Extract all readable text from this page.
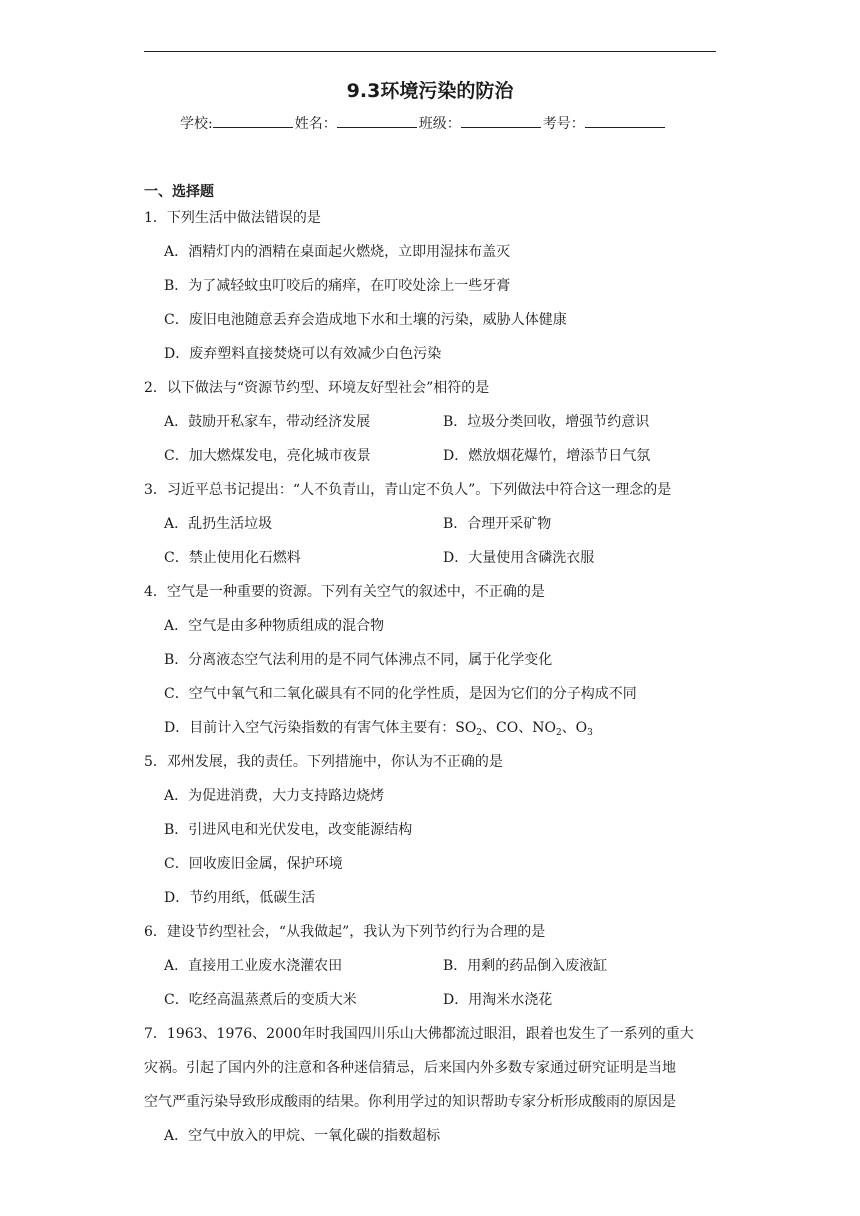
9.3环境污染的防治
学校:	姓名：	班级：	考号：
一、选择题
1．下列生活中做法错误的是
A．酒精灯内的酒精在桌面起火燃烧，立即用湿抹布盖灭
B．为了减轻蚊虫叮咬后的痛痒，在叮咬处涂上一些牙膏
C．废旧电池随意丢弃会造成地下水和土壤的污染，威胁人体健康
D．废弃塑料直接焚烧可以有效减少白色污染
2．以下做法与“资源节约型、环境友好型社会”相符的是
A．鼓励开私家车，带动经济发展	B．垃圾分类回收，增强节约意识
C．加大燃煤发电，亮化城市夜景	D．燃放烟花爆竹，增添节日气氛
3．习近平总书记提出：“人不负青山，青山定不负人”。下列做法中符合这一理念的是
A．乱扔生活垃圾	B．合理开采矿物
C．禁止使用化石燃料	D．大量使用含磷洗衣服
4．空气是一种重要的资源。下列有关空气的叙述中，不正确的是
A．空气是由多种物质组成的混合物
B．分离液态空气法利用的是不同气体沸点不同，属于化学变化
C．空气中氧气和二氧化碳具有不同的化学性质，是因为它们的分子构成不同
D．目前计入空气污染指数的有害气体主要有：$SO_2$、CO、$NO_2$、$O_3$
5．邓州发展，我的责任。下列措施中，你认为不正确的是
A．为促进消费，大力支持路边烧烤
B．引进风电和光伏发电，改变能源结构
C．回收废旧金属，保护环境
D．节约用纸，低碳生活
6．建设节约型社会，“从我做起”，我认为下列节约行为合理的是
A．直接用工业废水浇灌农田	B．用剩的药品倒入废液缸
C．吃经高温蒸煮后的变质大米	D．用淘米水浇花
7．1963、1976、2000年时我国四川乐山大佛都流过眼泪，跟着也发生了一系列的重大
灾祸。引起了国内外的注意和各种迷信猜忌，后来国内外多数专家通过研究证明是当地
空气严重污染导致形成酸雨的结果。你利用学过的知识帮助专家分析形成酸雨的原因是
A．空气中放入的甲烷、一氧化碳的指数超标
